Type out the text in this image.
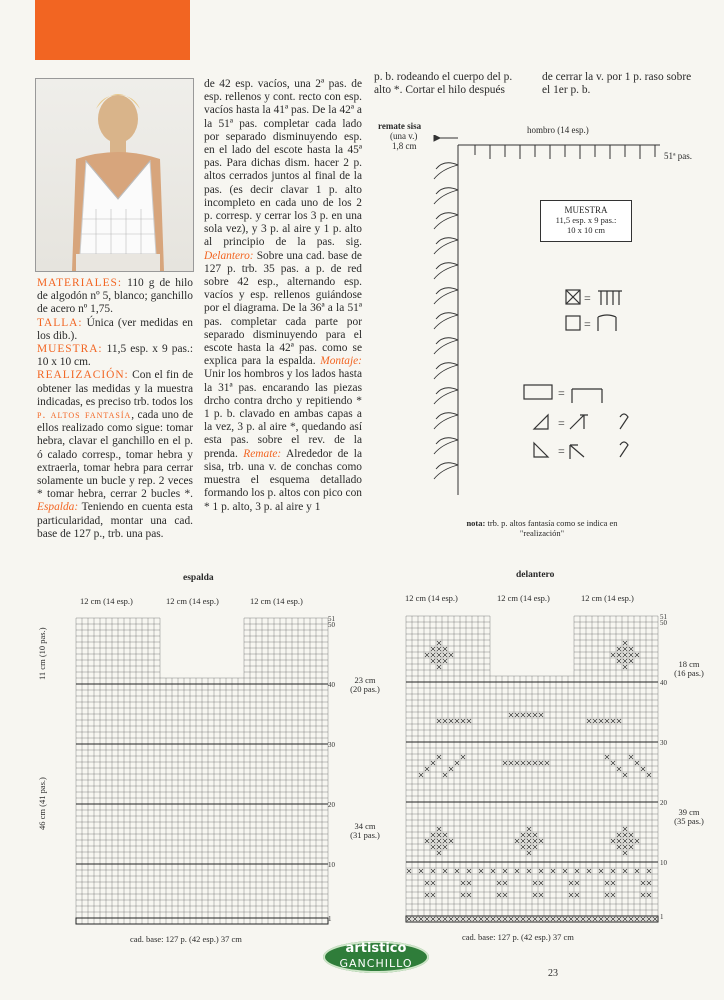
MATERIALES: 110 g de hilo de algodón nº 5, blanco; ganchillo de acero nº 1,75.

TALLA: Única (ver medidas en los dib.).

MUESTRA: 11,5 esp. x 9 pas.: 10 x 10 cm.

REALIZACIÓN: Con el fin de obtener las medidas y la muestra indicadas, es preciso trb. todos los p. altos fantasía, cada uno de ellos realizado como sigue: tomar hebra, clavar el ganchillo en el p. ó calado corresp., tomar hebra y extraerla, tomar hebra para cerrar solamente un bucle y rep. 2 veces * tomar hebra, cerrar 2 bucles *. Espalda: Teniendo en cuenta esta particularidad, montar una cad. base de 127 p., trb. una pas.

de 42 esp. vacíos, una 2ª pas. de esp. rellenos y cont. recto con esp. vacíos hasta la 41ª pas. De la 42ª a la 51ª pas. completar cada lado por separado disminuyendo esp. en el lado del escote hasta la 45ª pas. Para dichas dism. hacer 2 p. altos cerrados juntos al final de la pas. (es decir clavar 1 p. alto incompleto en cada uno de los 2 p. corresp. y cerrar los 3 p. en una sola vez), y 3 p. al aire y 1 p. alto al principio de la pas. sig. Delantero: Sobre una cad. base de 127 p. trb. 35 pas. a p. de red sobre 42 esp., alternando esp. vacíos y esp. rellenos guiándose por el diagrama. De la 36ª a la 51ª pas. completar cada parte por separado disminuyendo para el escote hasta la 42ª pas. como se explica para la espalda. Montaje: Unir los hombros y los lados hasta la 31ª pas. encarando las piezas drcho contra drcho y repitiendo * 1 p. b. clavado en ambas capas a la vez, 3 p. al aire *, quedando así esta pas. sobre el rev. de la prenda. Remate: Alrededor de la sisa, trb. una v. de conchas como muestra el esquema detallado formando los p. altos con pico con * 1 p. alto, 3 p. al aire y 1

p. b. rodeando el cuerpo del p. alto *. Cortar el hilo después
de cerrar la v. por 1 p. raso sobre el 1er p. b.
remate sisa
(una v.)
1,8 cm
hombro (14 esp.)
51ª pas.
MUESTRA
11,5 esp. x 9 pas.:
10 x 10 cm
=
=
=
=
=
nota: trb. p. altos fantasía como se indica en "realización"
espalda
12 cm (14 esp.)	12 cm (14 esp.)	12 cm (14 esp.)
11 cm (10 pas.)
46 cm (41 pas.)
23 cm (20 pas.)
34 cm (31 pas.)
cad. base: 127 p. (42 esp.) 37 cm
51
50
40
30
20
10
1
delantero
12 cm (14 esp.)	12 cm (14 esp.)	12 cm (14 esp.)
18 cm (16 pas.)
39 cm (35 pas.)
cad. base: 127 p. (42 esp.) 37 cm
51
50
40
30
20
10
1
artistico
GANCHILLO
23
